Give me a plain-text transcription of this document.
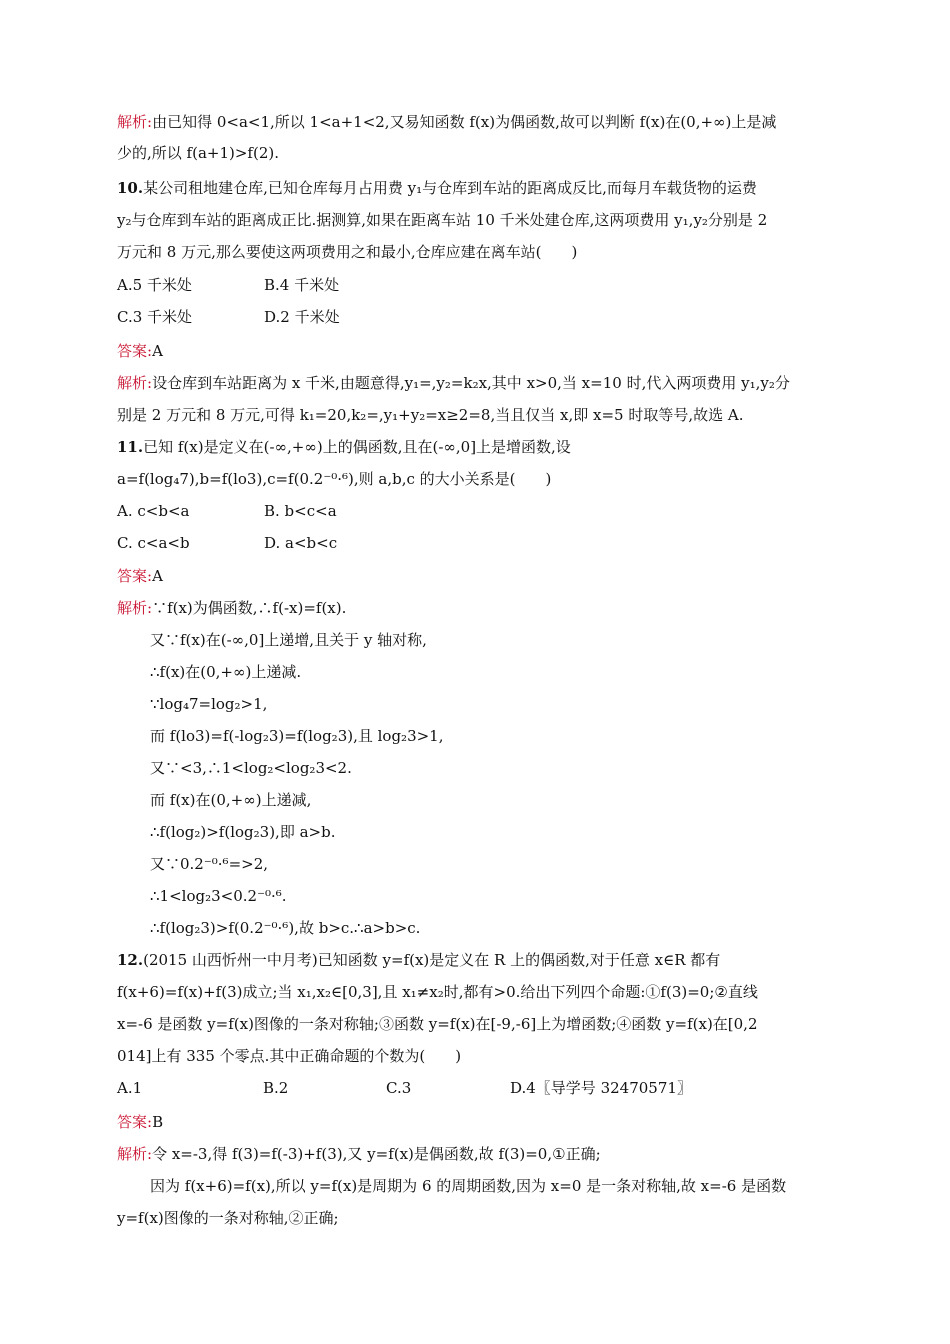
解析:由已知得 0<a<1,所以 1<a+1<2,又易知函数 f(x)为偶函数,故可以判断 f(x)在(0,+∞)上是减
少的,所以 f(a+1)>f(2).
10.某公司租地建仓库,已知仓库每月占用费 y₁与仓库到车站的距离成反比,而每月车载货物的运费
y₂与仓库到车站的距离成正比.据测算,如果在距离车站 10 千米处建仓库,这两项费用 y₁,y₂分别是 2
万元和 8 万元,那么要使这两项费用之和最小,仓库应建在离车站(　　)
A.5 千米处	B.4 千米处
C.3 千米处	D.2 千米处
答案:A
解析:设仓库到车站距离为 x 千米,由题意得,y₁=,y₂=k₂x,其中 x>0,当 x=10 时,代入两项费用 y₁,y₂分
别是 2 万元和 8 万元,可得 k₁=20,k₂=,y₁+y₂=x≥2=8,当且仅当 x,即 x=5 时取等号,故选 A.
11.已知 f(x)是定义在(-∞,+∞)上的偶函数,且在(-∞,0]上是增函数,设
a=f(log₄7),b=f(lo3),c=f(0.2⁻⁰·⁶),则 a,b,c 的大小关系是(　　)
A. c<b<a	B. b<c<a
C. c<a<b	D. a<b<c
答案:A
解析:∵f(x)为偶函数,∴f(-x)=f(x).
又∵f(x)在(-∞,0]上递增,且关于 y 轴对称,
∴f(x)在(0,+∞)上递减.
∵log₄7=log₂>1,
而 f(lo3)=f(-log₂3)=f(log₂3),且 log₂3>1,
又∵<3,∴1<log₂<log₂3<2.
而 f(x)在(0,+∞)上递减,
∴f(log₂)>f(log₂3),即 a>b.
又∵0.2⁻⁰·⁶=>2,
∴1<log₂3<0.2⁻⁰·⁶.
∴f(log₂3)>f(0.2⁻⁰·⁶),故 b>c.∴a>b>c.
12.(2015 山西忻州一中月考)已知函数 y=f(x)是定义在 R 上的偶函数,对于任意 x∈R 都有
f(x+6)=f(x)+f(3)成立;当 x₁,x₂∈[0,3],且 x₁≠x₂时,都有>0.给出下列四个命题:①f(3)=0;②直线
x=-6 是函数 y=f(x)图像的一条对称轴;③函数 y=f(x)在[-9,-6]上为增函数;④函数 y=f(x)在[0,2
014]上有 335 个零点.其中正确命题的个数为(　　)
A.1	B.2	C.3	D.4〖导学号 32470571〗
答案:B
解析:令 x=-3,得 f(3)=f(-3)+f(3),又 y=f(x)是偶函数,故 f(3)=0,①正确;
因为 f(x+6)=f(x),所以 y=f(x)是周期为 6 的周期函数,因为 x=0 是一条对称轴,故 x=-6 是函数
y=f(x)图像的一条对称轴,②正确;
